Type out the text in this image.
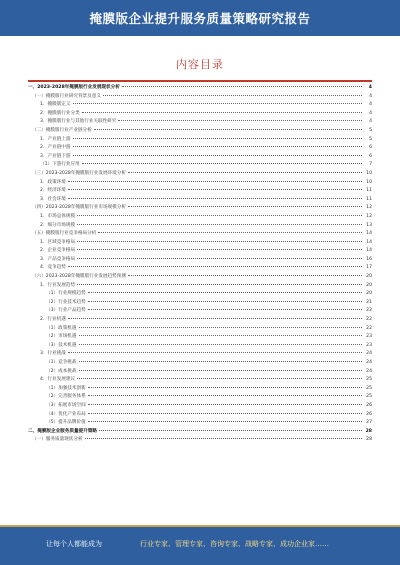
掩膜版企业提升服务质量策略研究报告
内容目录
一、2023-2028年掩膜版行业发展现状分析	4
（一）掩膜版行业研究背景及意义	4
1．掩膜版定义	4
2．掩膜版行业分类	4
3．掩膜版行业与其他行业关联性研究	4
（二）掩膜版行业产业链分析	5
1．产业链上游	5
2．产业链中游	6
3．产业链下游	6
（1）下游行业应用	7
（三）2023-2028年掩膜版行业发展环境分析	10
1．政策环境	10
2．经济环境	11
3．社会环境	11
（四）2023-2028年掩膜版行业市场规模分析	12
1．市场总体规模	12
2．细分市场规模	13
（五）掩膜版行业竞争格局分析	14
1．区域竞争格局	14
2．企业竞争格局	14
3．产品竞争格局	16
4．竞争趋势	17
（六）2023-2028年掩膜版行业发展趋势预测	20
1．行业发展趋势	20
（1）行业规模趋势	20
（2）行业技术趋势	21
（3）行业产品趋势	22
2．行业机遇	22
（1）政策机遇	22
（2）市场机遇	23
（3）技术机遇	23
3．行业挑战	24
（1）竞争挑战	24
（2）成本挑战	24
4．行业发展建议	25
（1）加强技术创新	25
（2）完善服务体系	25
（3）拓展市场空间	26
（4）优化产业布局	26
（5）提升品牌价值	27
二、掩膜版企业服务质量提升策略	28
（一）服务质量现状分析	28
让每个人都能成为	行业专家、管理专家、咨询专家、战略专家、成功企业家……
